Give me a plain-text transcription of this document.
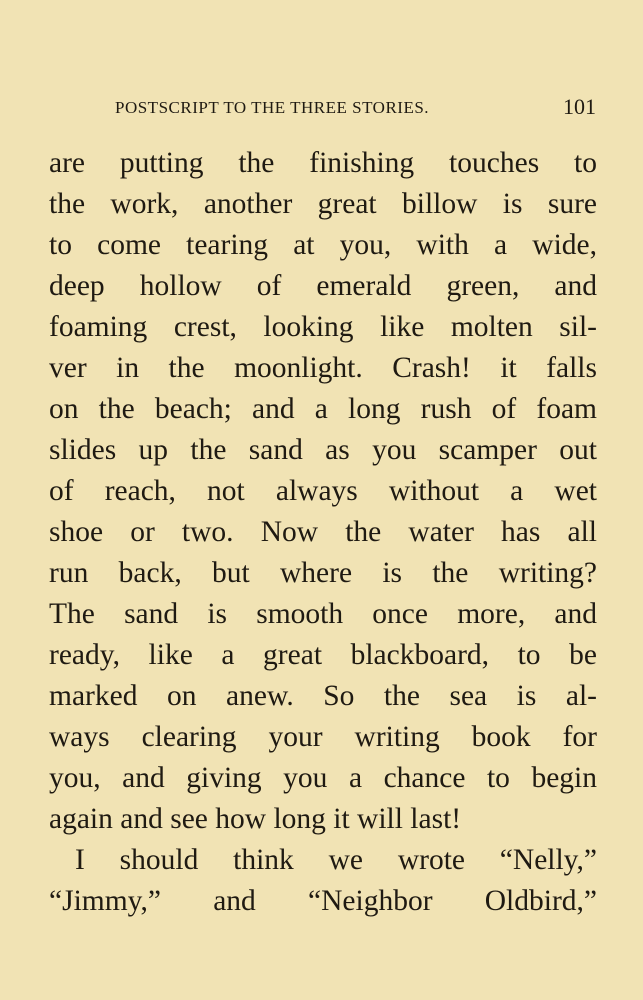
POSTSCRIPT TO THE THREE STORIES.	101
are putting the finishing touches to
the work, another great billow is sure
to come tearing at you, with a wide,
deep hollow of emerald green, and
foaming crest, looking like molten sil-
ver in the moonlight. Crash! it falls
on the beach; and a long rush of foam
slides up the sand as you scamper out
of reach, not always without a wet
shoe or two. Now the water has all
run back, but where is the writing?
The sand is smooth once more, and
ready, like a great blackboard, to be
marked on anew. So the sea is al-
ways clearing your writing book for
you, and giving you a chance to begin
again and see how long it will last!
I should think we wrote “Nelly,”
“Jimmy,” and “Neighbor Oldbird,”
